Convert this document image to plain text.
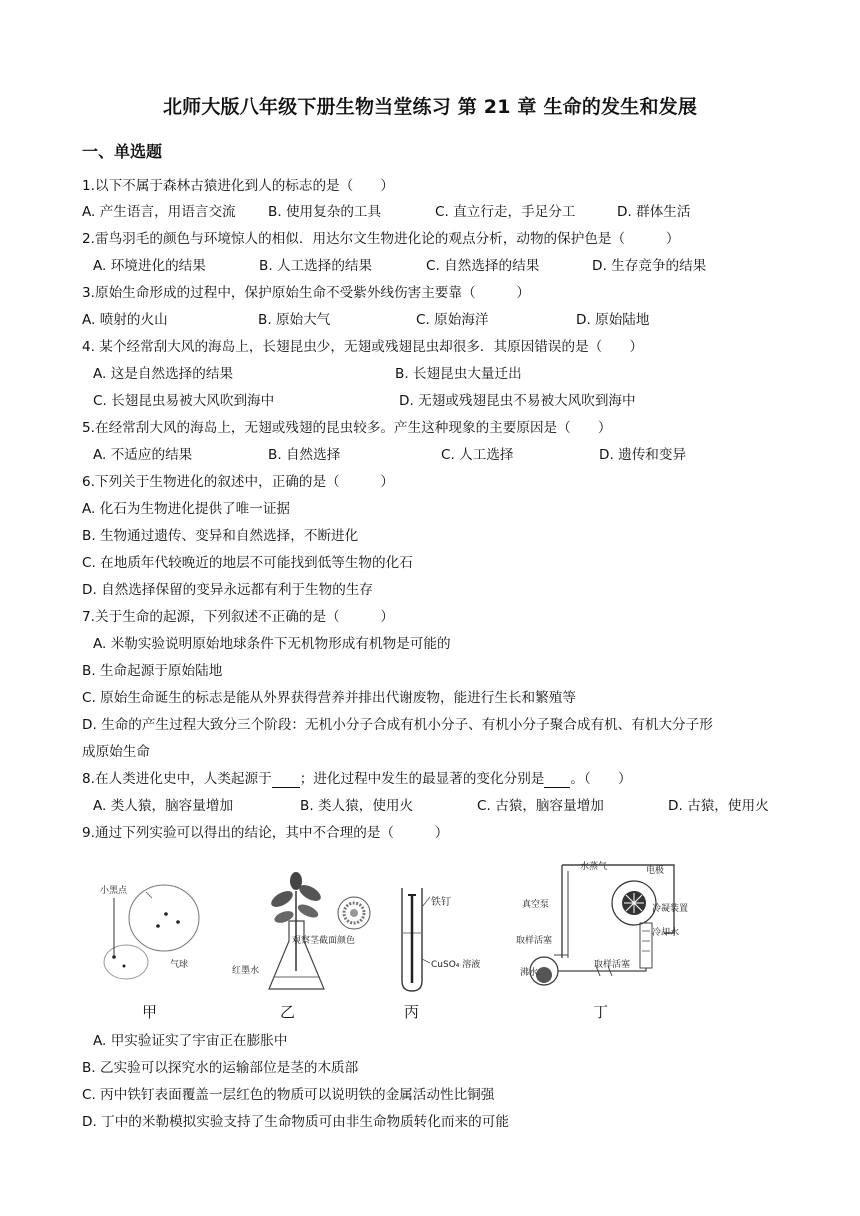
北师大版八年级下册生物当堂练习 第 21 章 生命的发生和发展
一、单选题
1.以下不属于森林古猿进化到人的标志的是（　　）
A. 产生语言，用语言交流 B. 使用复杂的工具	C. 直立行走，手足分工	D. 群体生活
2.雷鸟羽毛的颜色与环境惊人的相似．用达尔文生物进化论的观点分析，动物的保护色是（　　　）
A. 环境进化的结果	B. 人工选择的结果	C. 自然选择的结果	D. 生存竞争的结果
3.原始生命形成的过程中，保护原始生命不受紫外线伤害主要靠（　　　）
A. 喷射的火山	B. 原始大气	C. 原始海洋	D. 原始陆地
4. 某个经常刮大风的海岛上，长翅昆虫少，无翅或残翅昆虫却很多．其原因错误的是（　　）
A. 这是自然选择的结果	B. 长翅昆虫大量迁出
C. 长翅昆虫易被大风吹到海中	D. 无翅或残翅昆虫不易被大风吹到海中
5.在经常刮大风的海岛上，无翅或残翅的昆虫较多。产生这种现象的主要原因是（　　）
A. 不适应的结果	B. 自然选择	C. 人工选择	D. 遗传和变异
6.下列关于生物进化的叙述中，正确的是（　　　）
A. 化石为生物进化提供了唯一证据
B. 生物通过遗传、变异和自然选择，不断进化
C. 在地质年代较晚近的地层不可能找到低等生物的化石
D. 自然选择保留的变异永远都有利于生物的生存
7.关于生命的起源，下列叙述不正确的是（　　　）
A. 米勒实验说明原始地球条件下无机物形成有机物是可能的
B. 生命起源于原始陆地
C. 原始生命诞生的标志是能从外界获得营养并排出代谢废物，能进行生长和繁殖等
D. 生命的产生过程大致分三个阶段：无机小分子合成有机小分子、有机小分子聚合成有机、有机大分子形
成原始生命
8.在人类进化史中，人类起源于 ；进化过程中发生的最显著的变化分别是 。（　　）
A. 类人猿，脑容量增加	B. 类人猿，使用火	C. 古猿，脑容量增加	D. 古猿，使用火
9.通过下列实验可以得出的结论，其中不合理的是（　　　）
小黑点
气球
观察茎截面颜色
红墨水
铁钉
CuSO₄ 溶液
水蒸气	电极
真空泵	冷凝装置
冷却水
取样活塞
取样活塞
沸水
甲	乙	丙	丁
A. 甲实验证实了宇宙正在膨胀中
B. 乙实验可以探究水的运输部位是茎的木质部
C. 丙中铁钉表面覆盖一层红色的物质可以说明铁的金属活动性比铜强
D. 丁中的米勒模拟实验支持了生命物质可由非生命物质转化而来的可能
